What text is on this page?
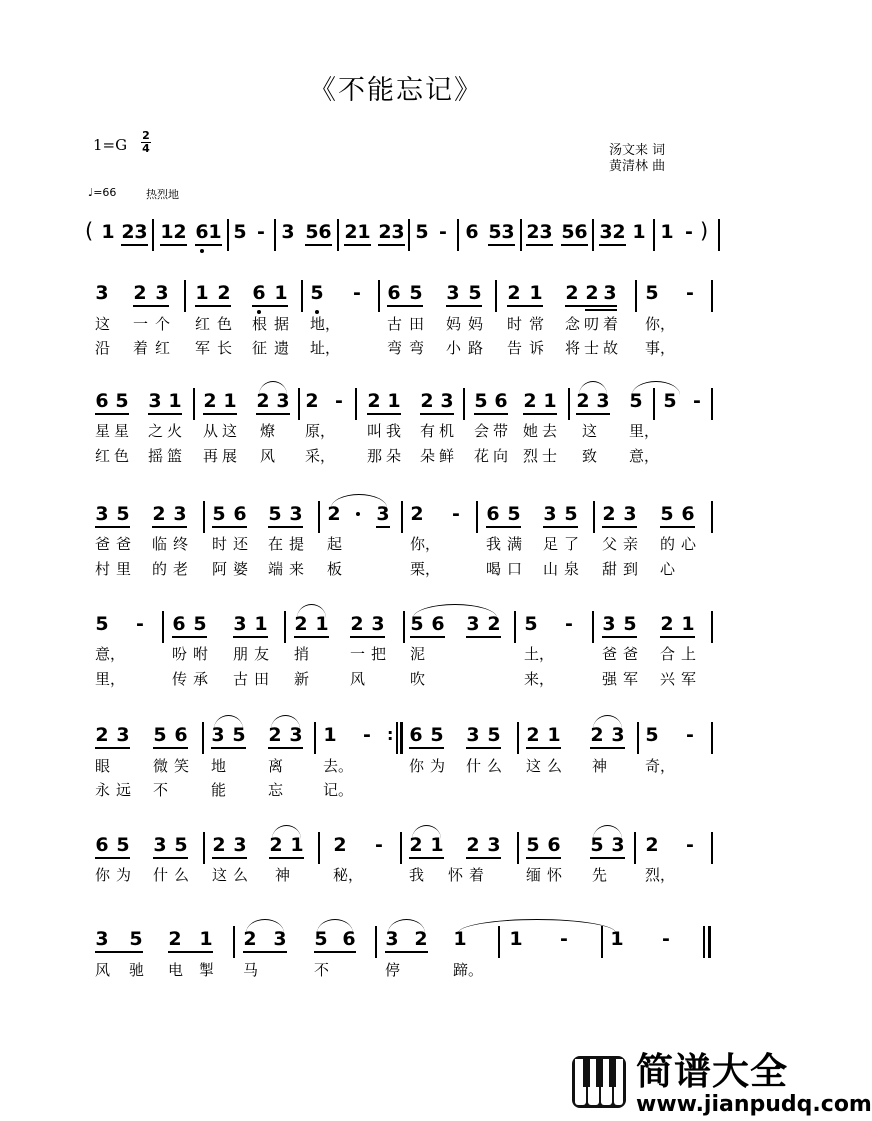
《不能忘记》
1=G
2
4	汤文来 词
黄清林 曲
♩=66	热烈地
( 1 2 3 1 2 6 1 5 - 3 5 6 2 1 2 3 5 - 6 5 3 2 3 5 6 3 2 1 1 - )
3 2 3 1 2 6 1 5 - 6 5 3 5 2 1 2 2 3 5 -
这 一个 红色 根据 地，	古田 妈妈 时常 念叨着 你，
沿 着红 军长 征遗 址，	弯弯 小路 告诉 将士故 事，
6 5 3 1 2 1 2 3 2 - 2 1 2 3 5 6 2 1 2 3 5 5 -
星星 之火 从这 燎 原， 叫我 有机 会带 她去 这 里，
红色 摇篮 再展 风 采， 那朵 朵鲜 花向 烈士 致 意，
3 5 2 3 5 6 5 3 2 3 2 - 6 5 3 5 2 3 5 6
爸爸 临终 时还 在提 起	你，	我满 足了 父亲 的心
村里 的老 阿婆 端来 板	栗，	喝口 山泉 甜到 心
5 - 6 5 3 1 2 1 2 3 5 6 3 2 5 - 3 5 2 1
意，	吩咐 朋友 捎	一把 泥	土，	爸爸 合上
里，	传承 古田 新	风	吹	来，	强军 兴军
2 3 5 6 3 5 2 3 1 - : 6 5 3 5 2 1 2 3 5 -
眼	微笑 地	离	去。	你为 什么 这么 神	奇，
永远 不	能	忘	记。
6 5 3 5 2 3 2 1 2 - 2 1 2 3 5 6 5 3 2 -
你为 什么 这么 神	秘，	我 怀着 缅怀 先	烈，
3 5 2 1 2 3 5 6 3 2 1 1 - 1 -
风驰 电掣 马	不	停	蹄。
简谱大全
www.jianpudq.com
